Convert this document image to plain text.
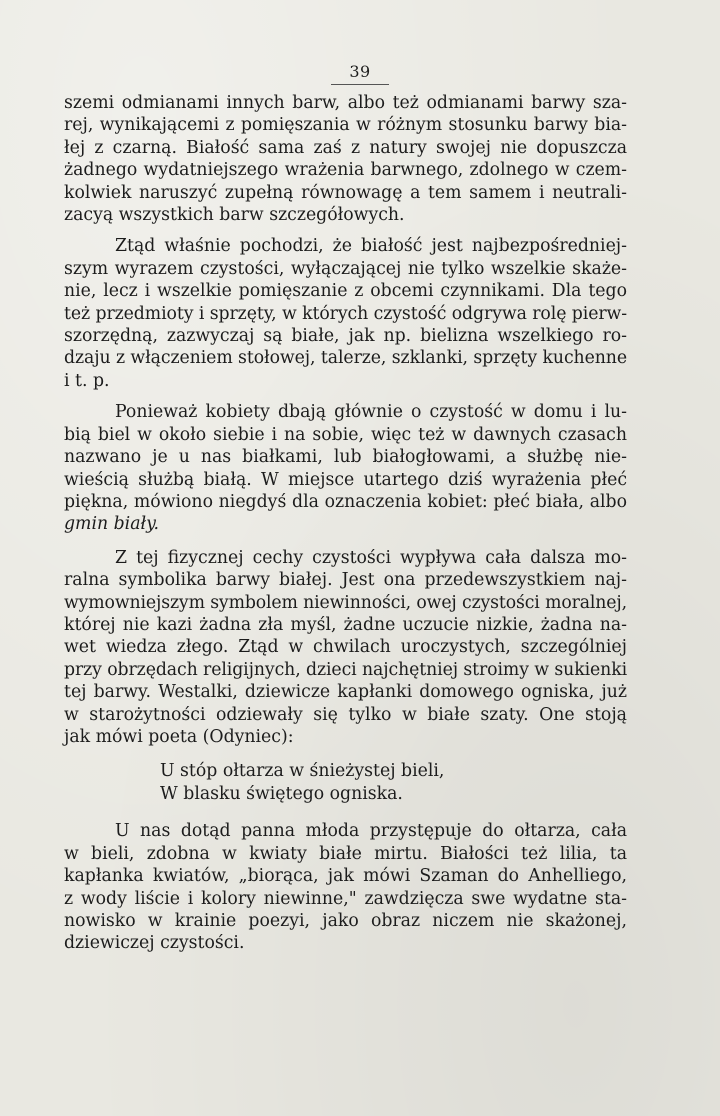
39

szemi odmianami innych barw, albo też odmianami barwy sza-
rej, wynikającemi z pomięszania w różnym stosunku barwy bia-
łej z czarną. Białość sama zaś z natury swojej nie dopuszcza
żadnego wydatniejszego wrażenia barwnego, zdolnego w czem-
kolwiek naruszyć zupełną równowagę a tem samem i neutrali-
zacyą wszystkich barw szczegółowych.

Ztąd właśnie pochodzi, że białość jest najbezpośredniej-
szym wyrazem czystości, wyłączającej nie tylko wszelkie skaże-
nie, lecz i wszelkie pomięszanie z obcemi czynnikami. Dla tego
też przedmioty i sprzęty, w których czystość odgrywa rolę pierw-
szorzędną, zazwyczaj są białe, jak np. bielizna wszelkiego ro-
dzaju z włączeniem stołowej, talerze, szklanki, sprzęty kuchenne
i t. p.

Ponieważ kobiety dbają głównie o czystość w domu i lu-
bią biel w około siebie i na sobie, więc też w dawnych czasach
nazwano je u nas białkami, lub białogłowami, a służbę nie-
wieścią służbą białą. W miejsce utartego dziś wyrażenia płeć
piękna, mówiono niegdyś dla oznaczenia kobiet: płeć biała, albo
gmin biały.

Z tej fizycznej cechy czystości wypływa cała dalsza mo-
ralna symbolika barwy białej. Jest ona przedewszystkiem naj-
wymowniejszym symbolem niewinności, owej czystości moralnej,
której nie kazi żadna zła myśl, żadne uczucie nizkie, żadna na-
wet wiedza złego. Ztąd w chwilach uroczystych, szczególniej
przy obrzędach religijnych, dzieci najchętniej stroimy w sukienki
tej barwy. Westalki, dziewicze kapłanki domowego ogniska, już
w starożytności odziewały się tylko w białe szaty. One stoją
jak mówi poeta (Odyniec):

U stóp ołtarza w śnieżystej bieli,
W blasku świętego ogniska.

U nas dotąd panna młoda przystępuje do ołtarza, cała
w bieli, zdobna w kwiaty białe mirtu. Białości też lilia, ta
kapłanka kwiatów, „biorąca, jak mówi Szaman do Anhelliego,
z wody liście i kolory niewinne," zawdzięcza swe wydatne sta-
nowisko w krainie poezyi, jako obraz niczem nie skażonej,
dziewiczej czystości.
